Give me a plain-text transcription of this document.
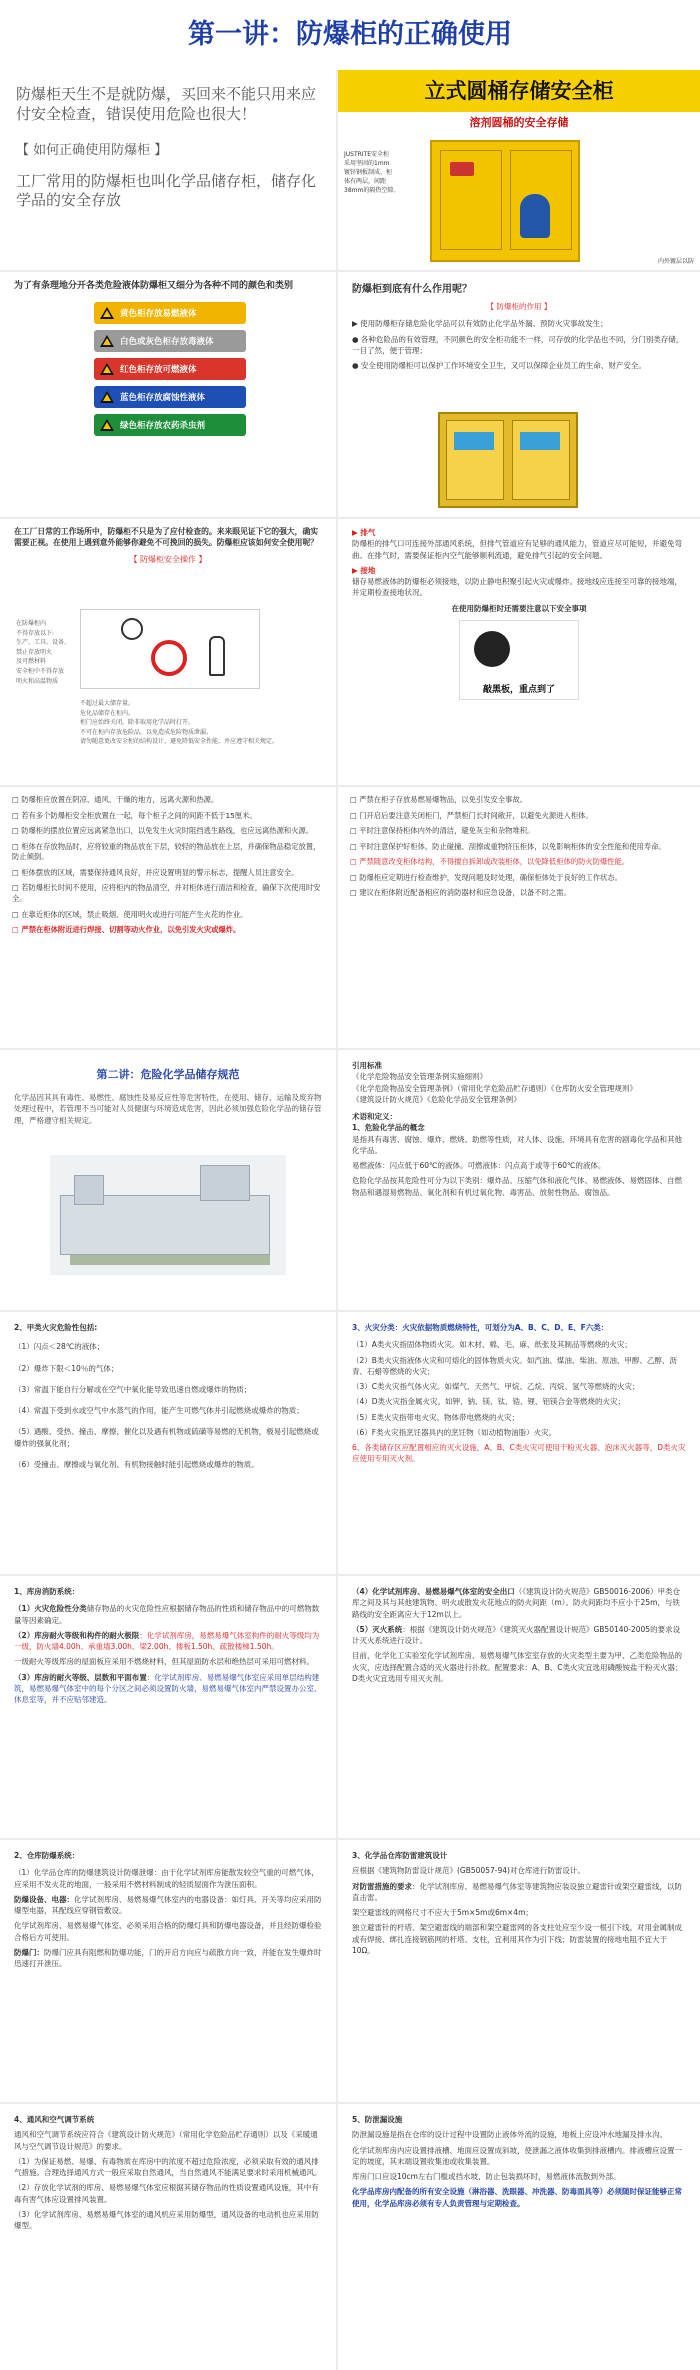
第一讲：防爆柜的正确使用
防爆柜天生不是就防爆，买回来不能只用来应付安全检查，错误使用危险也很大！
【 如何正确使用防爆柜 】
工厂常用的防爆柜也叫化学品储存柜，储存化学品的安全存放
立式圆桶存储安全柜
溶剂圆桶的安全存储
JUSTRITE安全柜
采用坚固的1mm
镀锌钢板制成，柜
体有两层，间距
38mm的隔热空隙。
内外镀层以防
为了有条理地分开各类危险液体防爆柜又细分为各种不同的颜色和类别
黄色柜存放易燃液体
白色或灰色柜存放毒液体
红色柜存放可燃液体
蓝色柜存放腐蚀性液体
绿色柜存放农药杀虫剂
防爆柜到底有什么作用呢？
【 防爆柜的作用 】
▶ 使用防爆柜存储危险化学品可以有效防止化学品外漏、预防火灾事故发生；
● 各种危险品的有效管理，不同颜色的安全柜功能不一样，可存放的化学品也不同，分门别类存储，一目了然，便于管理；
● 安全使用防爆柜可以保护工作环境安全卫生，又可以保障企业员工的生命、财产安全。
在工厂日常的工作场所中，防爆柜不只是为了应付检查的。来来眼见证下它的强大，确实需要正视。在使用上遇到意外能够你避免不可挽回的损失。防爆柜应该如何安全使用呢？
【 防爆柜安全操作 】
在防爆柜内
不得存放以下:
生产、工具、设备、
禁止存放明火
及可燃材料
安全柜中不得存放
明火和高温物质
不超过最大储存量。
危化品储存在柜内。
柜门应始终关闭，除非取用化学品时打开。
不可在柜内存放危险品，以免造成危险物质泄漏。
请勿随意更改安全柜的结构设计，避免降低安全性能，并应遵守相关规定。
▶ 排气
防爆柜的排气口可连接外部通风系统，但排气管道应有足够的通风能力，管道应尽可能短，并避免弯曲。在排气时，需要保证柜内空气能够顺利流通，避免排气引起的安全问题。
▶ 接地
储存易燃液体的防爆柜必须接地，以防止静电积聚引起火灾或爆炸。接地线应连接至可靠的接地端，并定期检查接地状况。
在使用防爆柜时还需要注意以下安全事项
敲黑板，重点到了
□ 防爆柜应放置在阴凉、通风、干燥的地方，远离火源和热源。
□ 若有多个防爆柜安全柜放置在一起，每个柜子之间的间距不低于15厘米。
□ 防爆柜的摆放位置应远离紧急出口，以免发生火灾时阻挡逃生路线，也应远离热源和火源。
□ 柜体在存放物品时，应将较重的物品放在下层，较轻的物品放在上层，并确保物品稳定放置，防止倾倒。
□ 柜体摆放的区域，需要保持通风良好，并应设置明显的警示标志，提醒人员注意安全。
□ 若防爆柜长时间不使用，应将柜内的物品清空，并对柜体进行清洁和检查，确保下次使用时安全。
□ 在靠近柜体的区域，禁止吸烟、使用明火或进行可能产生火花的作业。
□ 严禁在柜体附近进行焊接、切割等动火作业，以免引发火灾或爆炸。
□ 严禁在柜子存放易燃易爆物品，以免引发安全事故。
□ 门开启后要注意关闭柜门，严禁柜门长时间敞开，以避免火源进入柜体。
□ 平时注意保持柜体内外的清洁，避免灰尘和杂物堆积。
□ 平时注意保护好柜体，防止碰撞、刮擦或重物挤压柜体，以免影响柜体的安全性能和使用寿命。
□ 严禁随意改变柜体结构，不得擅自拆卸或改装柜体，以免降低柜体的防火防爆性能。
□ 防爆柜应定期进行检查维护，发现问题及时处理，确保柜体处于良好的工作状态。
□ 建议在柜体附近配备相应的消防器材和应急设备，以备不时之需。
第二讲：危险化学品储存规范
化学品因其具有毒性、易燃性、腐蚀性及易反应性等危害特性，在使用、储存、运输及废弃物处理过程中，若管理不当可能对人员健康与环境造成危害，因此必须加强危险化学品的储存管理，严格遵守相关规定。
引用标准
《化学危险物品安全管理条例实施细则》
《化学危险物品安全管理条例》（常用化学危险品贮存通则）《仓库防火安全管理规则》
《建筑设计防火规范》《危险化学品安全管理条例》
术语和定义：
1、危险化学品的概念
是指具有毒害、腐蚀、爆炸、燃烧、助燃等性质，对人体、设施、环境具有危害的剧毒化学品和其他化学品。
易燃液体：闪点低于60℃的液体。可燃液体：闪点高于或等于60℃的液体。
危险化学品按其危险性可分为以下类别：爆炸品、压缩气体和液化气体、易燃液体、易燃固体、自燃物品和遇湿易燃物品、氧化剂和有机过氧化物、毒害品、放射性物品、腐蚀品。
2、甲类火灾危险性包括:
（1）闪点＜28℃的液体；
（2）爆炸下限＜10％的气体；
（3）常温下能自行分解或在空气中氧化能导致迅速自燃或爆炸的物质；
（4）常温下受到水或空气中水蒸气的作用，能产生可燃气体并引起燃烧或爆炸的物质；
（5）遇酸、受热、撞击、摩擦、催化以及遇有机物或硫磺等易燃的无机物，极易引起燃烧或爆炸的强氧化剂；
（6）受撞击、摩擦或与氧化剂、有机物接触时能引起燃烧或爆炸的物质。
3、火灾分类：火灾依据物质燃烧特性，可划分为A、B、C、D、E、F六类：
（1）A类火灾指固体物质火灾。如木材、棉、毛、麻、纸张及其制品等燃烧的火灾；
（2）B类火灾指液体火灾和可熔化的固体物质火灾。如汽油、煤油、柴油、原油、甲醇、乙醇、沥青、石蜡等燃烧的火灾；
（3）C类火灾指气体火灾。如煤气、天然气、甲烷、乙烷、丙烷、氢气等燃烧的火灾；
（4）D类火灾指金属火灾。如钾、钠、镁、钛、锆、锂、铝镁合金等燃烧的火灾；
（5）E类火灾指带电火灾。物体带电燃烧的火灾；
（6）F类火灾指烹饪器具内的烹饪物（如动植物油脂）火灾。
6、各类储存区应配置相应的灭火设施，A、B、C类火灾可使用干粉灭火器、泡沫灭火器等，D类火灾应使用专用灭火剂。
1、库房消防系统：
（1）火灾危险性分类储存物品的火灾危险性应根据储存物品的性质和储存物品中的可燃物数量等因素确定。
（2）库房耐火等级和构件的耐火极限：化学试剂库房，易燃易爆气体室构件的耐火等级均为一级，防火墙4.00h、承重墙3.00h、梁2.00h、楼板1.50h、疏散楼梯1.50h。
一级耐火等级库房的屋面板应采用不燃烧材料，但其屋面防水层和绝热层可采用可燃材料。
（3）库房的耐火等级、层数和平面布置：化学试剂库房、易燃易爆气体室应采用单层结构建筑，易燃易爆气体室中的每个分区之间必须设置防火墙，易燃易爆气体室内严禁设置办公室、休息室等，并不应贴邻建造。
（4）化学试剂库房、易燃易爆气体室的安全出口（《建筑设计防火规范》GB50016-2006）甲类仓库之间及其与其他建筑物、明火或散发火花地点的防火间距（m）。防火间距均不应小于25m，与铁路线的安全距离应大于12m以上。
（5）灭火系统：根据《建筑设计防火规范》《建筑灭火器配置设计规范》GB50140-2005的要求设计灭火系统进行设计。
目前，化学化工实验室化学试剂库房、易燃易爆气体室室存放的火灾类型主要为甲、乙类危险物品的火灾，应选择配置合适的灭火器进行扑救。配置要求：A、B、C类火灾宜选用磷酸铵盐干粉灭火器；D类火灾宜选用专用灭火剂。
2、仓库防爆系统：
（1）化学品仓库的防爆建筑设计防爆泄爆：由于化学试剂库房能散发较空气重的可燃气体，应采用不发火花的地面，一般采用不燃材料制成的轻质屋面作为泄压面积。
防爆设备、电器：化学试剂库房、易燃易爆气体室内的电器设备：如灯具、开关等均应采用防爆型电器，其配线应穿钢管敷设。
化学试剂库房、易燃易爆气体室、必须采用合格的防爆灯具和防爆电器设备，并且经防爆检验合格后方可使用。
防爆门：防爆门应具有阻燃和防爆功能，门的开启方向应与疏散方向一致，并能在发生爆炸时迅速打开泄压。
3、化学品仓库防雷建筑设计
应根据《建筑物防雷设计规范》(GB50057-94)对仓库进行防雷设计。
对防雷措施的要求：化学试剂库房、易燃易爆气体室等建筑物应装设独立避雷针或架空避雷线，以防直击雷。
架空避雷线的网格尺寸不应大于5m×5m或6m×4m；
独立避雷针的杆塔、架空避雷线的端部和架空避雷网的各支柱处应至少设一根引下线。对用金属制成或有焊接、绑扎连接钢筋网的杆塔、支柱，宜利用其作为引下线；防雷装置的接地电阻不宜大于10Ω。
4、通风和空气调节系统
通风和空气调节系统应符合《建筑设计防火规范》（常用化学危险品贮存通则）以及《采暖通风与空气调节设计规范》的要求。
（1）为保证易燃、易爆、有毒物质在库房中的浓度不超过危险浓度，必须采取有效的通风排气措施。合理选择通风方式一般应采取自然通风，当自然通风不能满足要求时采用机械通风。
（2）存放化学试剂的库房、易燃易爆气体室应根据其储存物品的性质设置通风设施，其中有毒有害气体应设置排风装置。
（3）化学试剂库房、易燃易爆气体室的通风机应采用防爆型，通风设备的电动机也应采用防爆型。
5、防泄漏设施
防泄漏设施是指在仓库的设计过程中设置防止液体外流的设施，地板上应设冲水地漏及排水沟。
化学试剂库房内应设置排液槽、地面应设置成斜坡，使泄漏之液体收集到排液槽内。排液槽应设置一定的坡度，其末端设置收集池或收集装置。
库房门口应设10cm左右门槛或挡水坡，防止包装损坏时，易燃液体流散到外部。
化学品库房内配备的所有安全设施（淋浴器、洗眼器、冲洗器、防毒面具等）必须随时保证能够正常使用，化学品库房必须有专人负责管理与定期检查。
